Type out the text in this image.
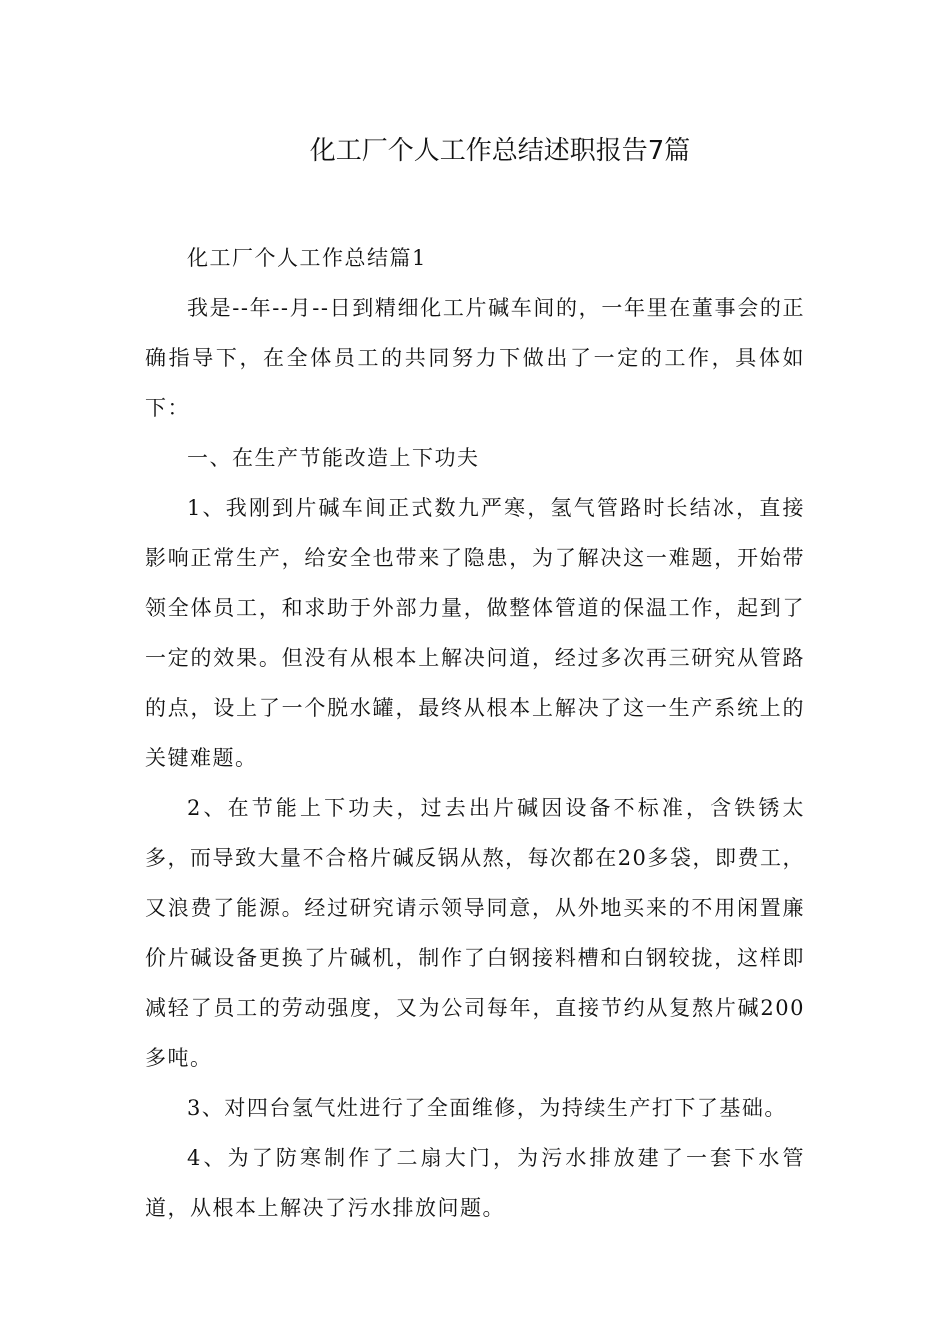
化工厂个人工作总结述职报告7篇

化工厂个人工作总结篇1

我是--年--月--日到精细化工片碱车间的，一年里在董事会的正确指导下，在全体员工的共同努力下做出了一定的工作，具体如下：

一、在生产节能改造上下功夫

1、我刚到片碱车间正式数九严寒，氢气管路时长结冰，直接影响正常生产，给安全也带来了隐患，为了解决这一难题，开始带领全体员工，和求助于外部力量，做整体管道的保温工作，起到了一定的效果。但没有从根本上解决问道，经过多次再三研究从管路的点，设上了一个脱水罐，最终从根本上解决了这一生产系统上的关键难题。

2、在节能上下功夫，过去出片碱因设备不标准，含铁锈太多，而导致大量不合格片碱反锅从熬，每次都在20多袋，即费工，又浪费了能源。经过研究请示领导同意，从外地买来的不用闲置廉价片碱设备更换了片碱机，制作了白钢接料槽和白钢较拢，这样即减轻了员工的劳动强度，又为公司每年，直接节约从复熬片碱200多吨。

3、对四台氢气灶进行了全面维修，为持续生产打下了基础。

4、为了防寒制作了二扇大门，为污水排放建了一套下水管道，从根本上解决了污水排放问题。
